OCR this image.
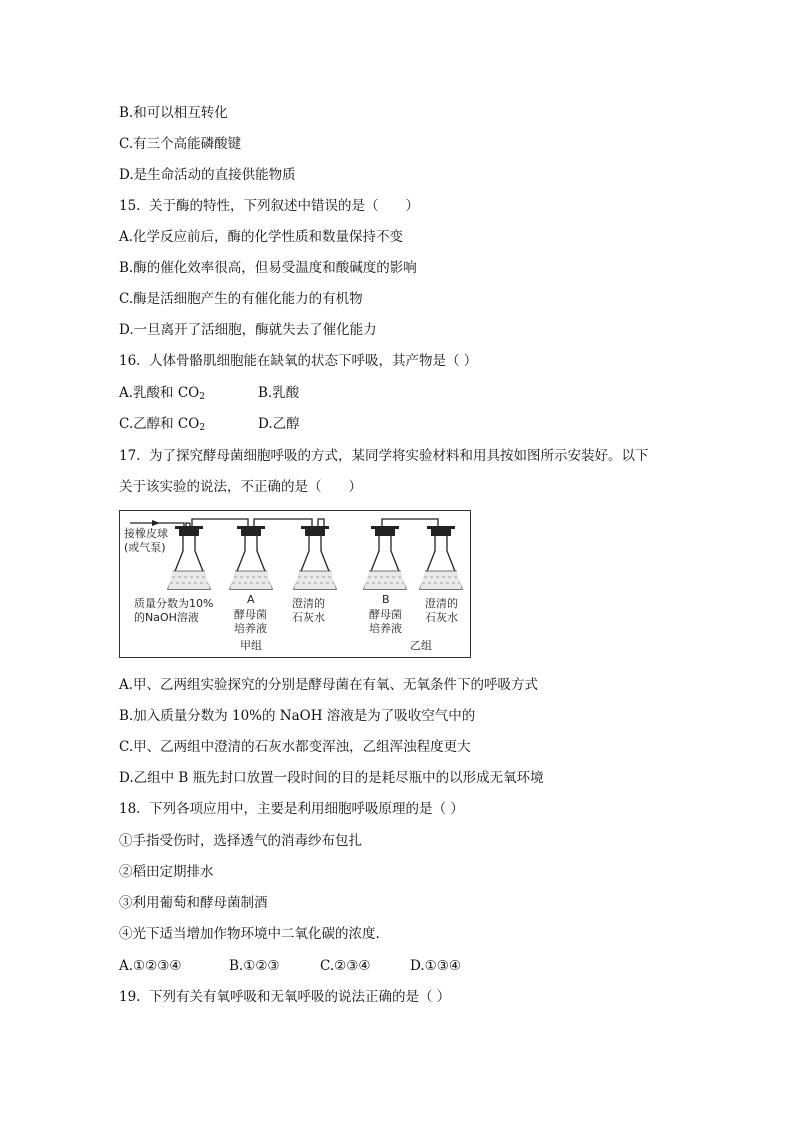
B.和可以相互转化
C.有三个高能磷酸键
D.是生命活动的直接供能物质
15. 关于酶的特性，下列叙述中错误的是（　　）
A.化学反应前后，酶的化学性质和数量保持不变
B.酶的催化效率很高，但易受温度和酸碱度的影响
C.酶是活细胞产生的有催化能力的有机物
D.一旦离开了活细胞，酶就失去了催化能力
16. 人体骨骼肌细胞能在缺氧的状态下呼吸，其产物是（ ）
A.乳酸和 $CO_2$	B.乳酸
C.乙醇和 $CO_2$	D.乙醇
17. 为了探究酵母菌细胞呼吸的方式，某同学将实验材料和用具按如图所示安装好。以下
关于该实验的说法，不正确的是（　　）
接橡皮球
(或气泵)
质量分数为10%
的NaOH溶液
A
酵母菌
培养液
澄清的
石灰水
B
酵母菌
培养液
澄清的
石灰水
甲组	乙组
A.甲、乙两组实验探究的分别是酵母菌在有氧、无氧条件下的呼吸方式
B.加入质量分数为 10%的 NaOH 溶液是为了吸收空气中的
C.甲、乙两组中澄清的石灰水都变浑浊，乙组浑浊程度更大
D.乙组中 B 瓶先封口放置一段时间的目的是耗尽瓶中的以形成无氧环境
18. 下列各项应用中，主要是利用细胞呼吸原理的是（ ）
①手指受伤时，选择透气的消毒纱布包扎
②稻田定期排水
③利用葡萄和酵母菌制酒
④光下适当增加作物环境中二氧化碳的浓度.
A.①②③④	B.①②③	C.②③④	D.①③④
19. 下列有关有氧呼吸和无氧呼吸的说法正确的是（ ）
